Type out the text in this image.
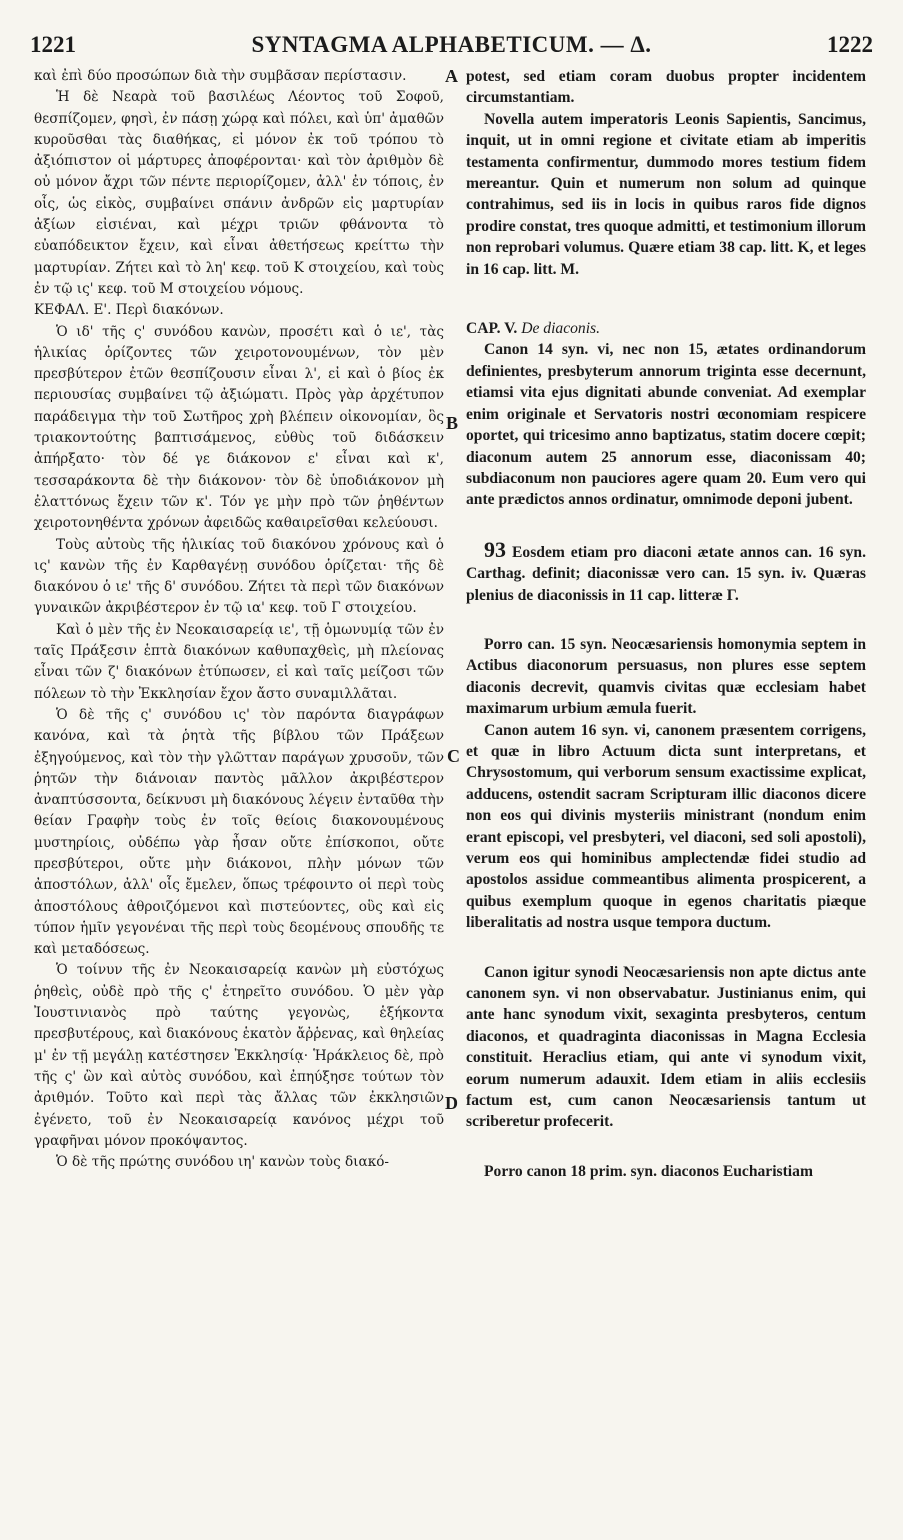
1221	SYNTAGMA ALPHABETICUM. — Δ.	1222
A
B
C
D

καὶ ἐπὶ δύο προσώπων διὰ τὴν συμβᾶσαν περίστασιν.

Ἡ δὲ Νεαρὰ τοῦ βασιλέως Λέοντος τοῦ Σοφοῦ, θεσπίζομεν, φησὶ, ἐν πάσῃ χώρᾳ καὶ πόλει, καὶ ὑπ' ἀμαθῶν κυροῦσθαι τὰς διαθήκας, εἰ μόνον ἐκ τοῦ τρόπου τὸ ἀξιόπιστον οἱ μάρτυρες ἀποφέρονται· καὶ τὸν ἀριθμὸν δὲ οὐ μόνον ἄχρι τῶν πέντε περιορίζομεν, ἀλλ' ἐν τόποις, ἐν οἷς, ὡς εἰκὸς, συμβαίνει σπάνιν ἀνδρῶν εἰς μαρτυρίαν ἀξίων εἰσιέναι, καὶ μέχρι τριῶν φθάνοντα τὸ εὐαπόδεικτον ἔχειν, καὶ εἶναι ἀθετήσεως κρείττω τὴν μαρτυρίαν. Ζήτει καὶ τὸ λη' κεφ. τοῦ Κ στοιχείου, καὶ τοὺς ἐν τῷ ις' κεφ. τοῦ Μ στοιχείου νόμους.

ΚΕΦΑΛ. Ε'. Περὶ διακόνων.

Ὁ ιδ' τῆς ς' συνόδου κανὼν, προσέτι καὶ ὁ ιε', τὰς ἡλικίας ὁρίζοντες τῶν χειροτονουμένων, τὸν μὲν πρεσβύτερον ἐτῶν θεσπίζουσιν εἶναι λ', εἰ καὶ ὁ βίος ἐκ περιουσίας συμβαίνει τῷ ἀξιώματι. Πρὸς γὰρ ἀρχέτυπον παράδειγμα τὴν τοῦ Σωτῆρος χρὴ βλέπειν οἰκονομίαν, ὃς τριακοντούτης βαπτισάμενος, εὐθὺς τοῦ διδάσκειν ἀπήρξατο· τὸν δέ γε διάκονον ε' εἶναι καὶ κ', τεσσαράκοντα δὲ τὴν διάκονον· τὸν δὲ ὑποδιάκονον μὴ ἐλαττόνως ἔχειν τῶν κ'. Τόν γε μὴν πρὸ τῶν ῥηθέντων χειροτονηθέντα χρόνων ἀφειδῶς καθαιρεῖσθαι κελεύουσι.

Τοὺς αὐτοὺς τῆς ἡλικίας τοῦ διακόνου χρόνους καὶ ὁ ις' κανὼν τῆς ἐν Καρθαγένῃ συνόδου ὁρίζεται· τῆς δὲ διακόνου ὁ ιε' τῆς δ' συνόδου. Ζήτει τὰ περὶ τῶν διακόνων γυναικῶν ἀκριβέστερον ἐν τῷ ια' κεφ. τοῦ Γ στοιχείου.

Καὶ ὁ μὲν τῆς ἐν Νεοκαισαρείᾳ ιε', τῇ ὁμωνυμίᾳ τῶν ἐν ταῖς Πράξεσιν ἑπτὰ διακόνων καθυπαχθεὶς, μὴ πλείονας εἶναι τῶν ζ' διακόνων ἐτύπωσεν, εἰ καὶ ταῖς μείζοσι τῶν πόλεων τὸ τὴν Ἐκκλησίαν ἔχον ἄστο συναμιλλᾶται.

Ὁ δὲ τῆς ς' συνόδου ις' τὸν παρόντα διαγράφων κανόνα, καὶ τὰ ῥητὰ τῆς βίβλου τῶν Πράξεων ἐξηγούμενος, καὶ τὸν τὴν γλῶτταν παράγων χρυσοῦν, τῶν ῥητῶν τὴν διάνοιαν παντὸς μᾶλλον ἀκριβέστερον ἀναπτύσσοντα, δείκνυσι μὴ διακόνους λέγειν ἐνταῦθα τὴν θείαν Γραφὴν τοὺς ἐν τοῖς θείοις διακονουμένους μυστηρίοις, οὐδέπω γὰρ ἦσαν οὔτε ἐπίσκοποι, οὔτε πρεσβύτεροι, οὔτε μὴν διάκονοι, πλὴν μόνων τῶν ἀποστόλων, ἀλλ' οἷς ἔμελεν, ὅπως τρέφοιντο οἱ περὶ τοὺς ἀποστόλους ἀθροιζόμενοι καὶ πιστεύοντες, οὓς καὶ εἰς τύπον ἡμῖν γεγονέναι τῆς περὶ τοὺς δεομένους σπουδῆς τε καὶ μεταδόσεως.

Ὁ τοίνυν τῆς ἐν Νεοκαισαρείᾳ κανὼν μὴ εὐστόχως ῥηθεὶς, οὐδὲ πρὸ τῆς ς' ἐτηρεῖτο συνόδου. Ὁ μὲν γὰρ Ἰουστινιανὸς πρὸ ταύτης γεγονὼς, ἑξήκοντα πρεσβυτέρους, καὶ διακόνους ἑκατὸν ἄῤῥενας, καὶ θηλείας μ' ἐν τῇ μεγάλῃ κατέστησεν Ἐκκλησίᾳ· Ἡράκλειος δὲ, πρὸ τῆς ς' ὢν καὶ αὐτὸς συνόδου, καὶ ἐπηύξησε τούτων τὸν ἀριθμόν. Τοῦτο καὶ περὶ τὰς ἄλλας τῶν ἐκκλησιῶν ἐγένετο, τοῦ ἐν Νεοκαισαρείᾳ κανόνος μέχρι τοῦ γραφῆναι μόνον προκόψαντος.

Ὁ δὲ τῆς πρώτης συνόδου ιη' κανὼν τοὺς διακό-

potest, sed etiam coram duobus propter incidentem circumstantiam.

Novella autem imperatoris Leonis Sapientis, Sancimus, inquit, ut in omni regione et civitate etiam ab imperitis testamenta confirmentur, dummodo mores testium fidem mereantur. Quin et numerum non solum ad quinque contrahimus, sed iis in locis in quibus raros fide dignos prodire constat, tres quoque admitti, et testimonium illorum non reprobari volumus. Quære etiam 38 cap. litt. K, et leges in 16 cap. litt. M.

CAP. V. De diaconis.

Canon 14 syn. vi, nec non 15, ætates ordinandorum definientes, presbyterum annorum triginta esse decernunt, etiamsi vita ejus dignitati abunde conveniat. Ad exemplar enim originale et Servatoris nostri œconomiam respicere oportet, qui tricesimo anno baptizatus, statim docere cœpit; diaconum autem 25 annorum esse, diaconissam 40; subdiaconum non pauciores agere quam 20. Eum vero qui ante prædictos annos ordinatur, omnimode deponi jubent.

93 Eosdem etiam pro diaconi ætate annos can. 16 syn. Carthag. definit; diaconissæ vero can. 15 syn. iv. Quæras plenius de diaconissis in 11 cap. litteræ Γ.

Porro can. 15 syn. Neocæsariensis homonymia septem in Actibus diaconorum persuasus, non plures esse septem diaconis decrevit, quamvis civitas quæ ecclesiam habet maximarum urbium æmula fuerit.

Canon autem 16 syn. vi, canonem præsentem corrigens, et quæ in libro Actuum dicta sunt interpretans, et Chrysostomum, qui verborum sensum exactissime explicat, adducens, ostendit sacram Scripturam illic diaconos dicere non eos qui divinis mysteriis ministrant (nondum enim erant episcopi, vel presbyteri, vel diaconi, sed soli apostoli), verum eos qui hominibus amplectendæ fidei studio ad apostolos assidue commeantibus alimenta prospicerent, a quibus exemplum quoque in egenos charitatis piæque liberalitatis ad nostra usque tempora ductum.

Canon igitur synodi Neocæsariensis non apte dictus ante canonem syn. vi non observabatur. Justinianus enim, qui ante hanc synodum vixit, sexaginta presbyteros, centum diaconos, et quadraginta diaconissas in Magna Ecclesia constituit. Heraclius etiam, qui ante vi synodum vixit, eorum numerum adauxit. Idem etiam in aliis ecclesiis factum est, cum canon Neocæsariensis tantum ut scriberetur profecerit.

Porro canon 18 prim. syn. diaconos Eucharistiam
